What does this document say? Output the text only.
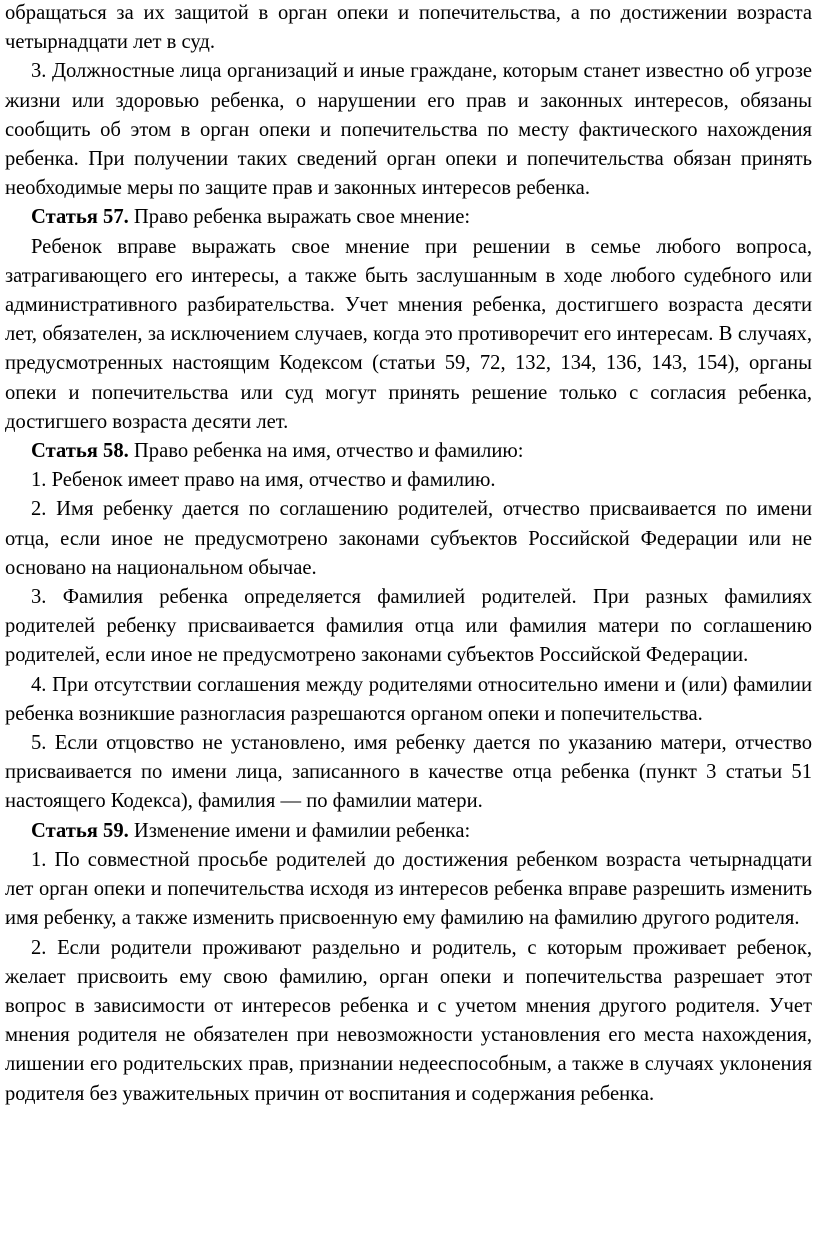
обращаться за их защитой в орган опеки и попечительства, а по достижении возраста четырнадцати лет в суд.

3. Должностные лица организаций и иные граждане, которым станет известно об угрозе жизни или здоровью ребенка, о нарушении его прав и законных интересов, обязаны сообщить об этом в орган опеки и попечительства по месту фактического нахождения ребенка. При получении таких сведений орган опеки и попечительства обязан принять необходимые меры по защите прав и законных интересов ребенка.

Статья 57. Право ребенка выражать свое мнение:

Ребенок вправе выражать свое мнение при решении в семье любого вопроса, затрагивающего его интересы, а также быть заслушанным в ходе любого судебного или административного разбирательства. Учет мнения ребенка, достигшего возраста десяти лет, обязателен, за исключением случаев, когда это противоречит его интересам. В случаях, предусмотренных настоящим Кодексом (статьи 59, 72, 132, 134, 136, 143, 154), органы опеки и попечительства или суд могут принять решение только с согласия ребенка, достигшего возраста десяти лет.

Статья 58. Право ребенка на имя, отчество и фамилию:

1. Ребенок имеет право на имя, отчество и фамилию.

2. Имя ребенку дается по соглашению родителей, отчество присваивается по имени отца, если иное не предусмотрено законами субъектов Российской Федерации или не основано на национальном обычае.

3. Фамилия ребенка определяется фамилией родителей. При разных фамилиях родителей ребенку присваивается фамилия отца или фамилия матери по соглашению родителей, если иное не предусмотрено законами субъектов Российской Федерации.

4. При отсутствии соглашения между родителями относительно имени и (или) фамилии ребенка возникшие разногласия разрешаются органом опеки и попечительства.

5. Если отцовство не установлено, имя ребенку дается по указанию матери, отчество присваивается по имени лица, записанного в качестве отца ребенка (пункт 3 статьи 51 настоящего Кодекса), фамилия — по фамилии матери.

Статья 59. Изменение имени и фамилии ребенка:

1. По совместной просьбе родителей до достижения ребенком возраста четырнадцати лет орган опеки и попечительства исходя из интересов ребенка вправе разрешить изменить имя ребенку, а также изменить присвоенную ему фамилию на фамилию другого родителя.

2. Если родители проживают раздельно и родитель, с которым проживает ребенок, желает присвоить ему свою фамилию, орган опеки и попечительства разрешает этот вопрос в зависимости от интересов ребенка и с учетом мнения другого родителя. Учет мнения родителя не обязателен при невозможности установления его места нахождения, лишении его родительских прав, признании недееспособным, а также в случаях уклонения родителя без уважительных причин от воспитания и содержания ребенка.
